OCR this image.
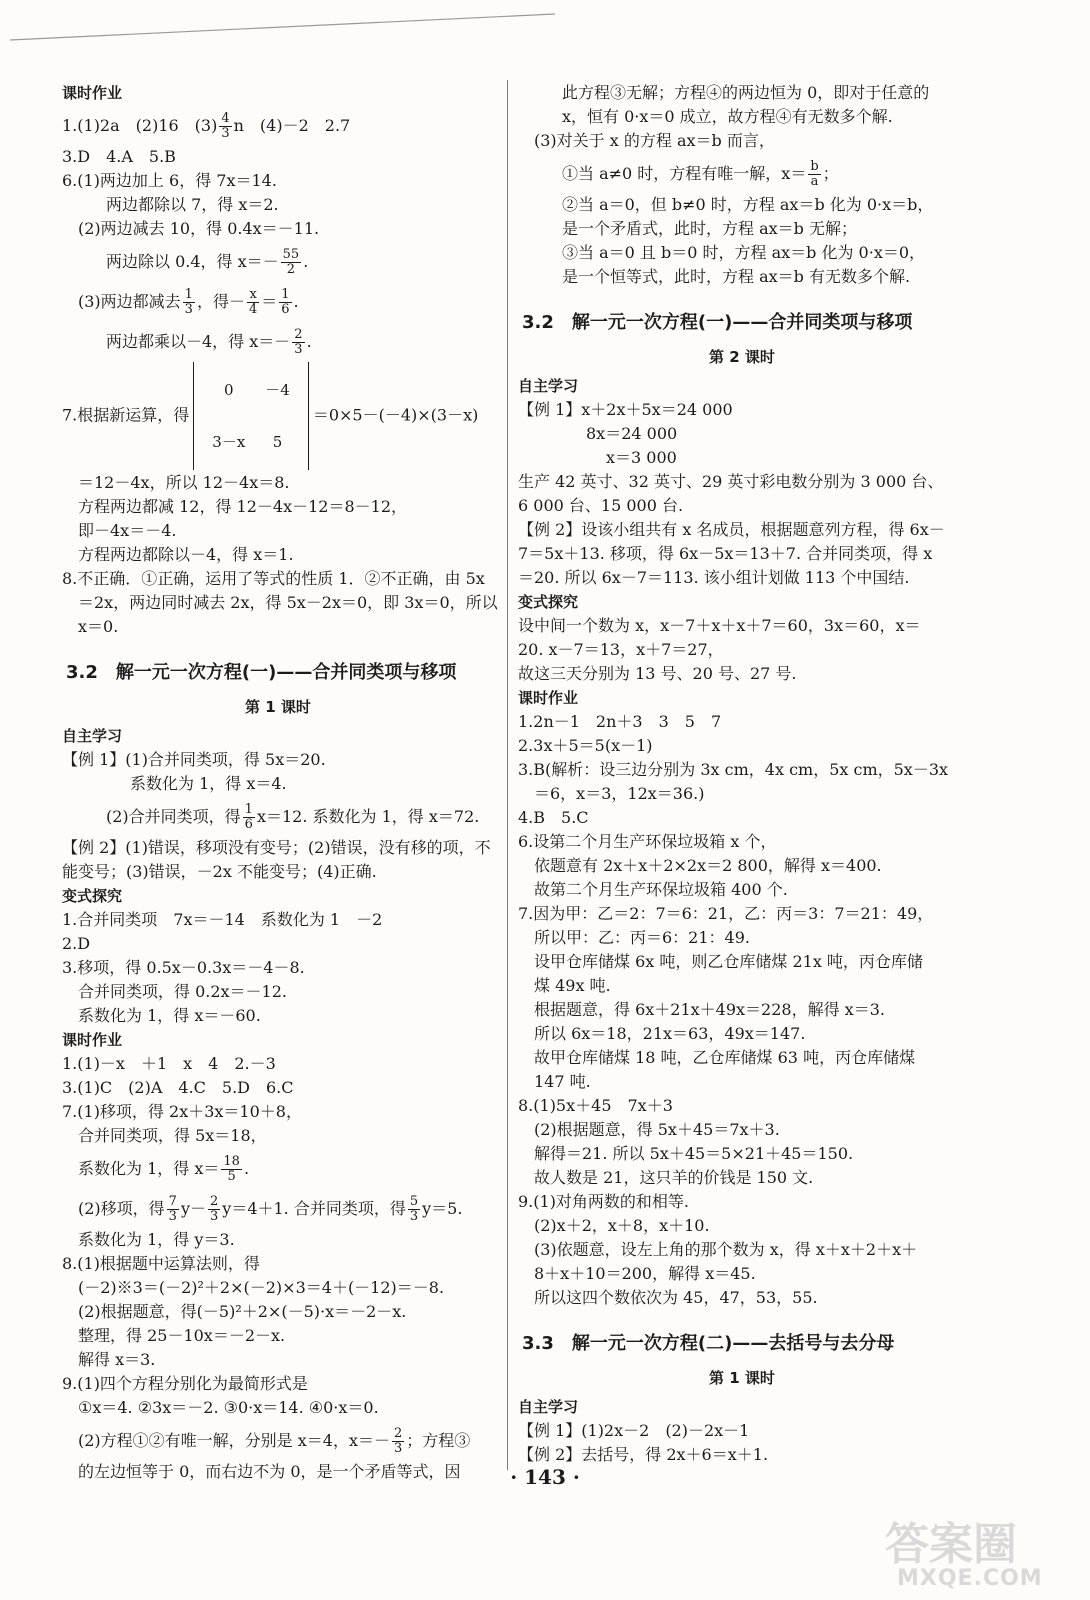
课时作业
1.(1)2a　(2)16　$(3) \frac{4}{3}$ n　(4)－2　2.7
3.D　4.A　5.B
6.(1)两边加上 6，得 7x＝14.
两边都除以 7，得 x＝2.
(2)两边减去 10，得 0.4x＝－11.
两边除以 0.4，得 $x=- \frac{55}{2}$ .
(3)两边都减去 $\frac{1}{3}$ ，得－ $\frac{x}{4} = \frac{1}{6}$ .
两边都乘以－4，得 $x=- \frac{2}{3}$ .
7.根据新运算，得
0	－4
3－x	5
＝0×5－(－4)×(3－x)
＝12－4x，所以 12－4x＝8.
方程两边都减 12，得 12－4x－12＝8－12，
即－4x＝－4.
方程两边都除以－4，得 x＝1.
8.不正确．①正确，运用了等式的性质 1．②不正确，由 5x
＝2x，两边同时减去 2x，得 5x－2x＝0，即 3x＝0，所以
x＝0.
3.2　解一元一次方程(一)——合并同类项与移项
第 1 课时
自主学习
【例 1】(1)合并同类项，得 5x＝20.
系数化为 1，得 x＝4.
(2)合并同类项，得 $\frac{1}{6} x=12$. 系数化为 1，得 x＝72.
【例 2】(1)错误，移项没有变号；(2)错误，没有移的项，不
能变号；(3)错误，－2x 不能变号；(4)正确.
变式探究
1.合并同类项　7x＝－14　系数化为 1　－2
2.D
3.移项，得 0.5x－0.3x＝－4－8.
合并同类项，得 0.2x＝－12.
系数化为 1，得 x＝－60.
课时作业
1.(1)－x　＋1　x　4　2.－3
3.(1)C　(2)A　4.C　5.D　6.C
7.(1)移项，得 2x＋3x＝10＋8，
合并同类项，得 5x＝18，
系数化为 1，得 $x= \frac{18}{5}$ .
(2)移项，得 $\frac{7}{3} y- \frac{2}{3} y=4+1$. 合并同类项，得 $\frac{5}{3} y=5$.
系数化为 1，得 y＝3.
8.(1)根据题中运算法则，得
(－2)※3＝(－2)²＋2×(－2)×3＝4＋(－12)＝－8.
(2)根据题意，得(－5)²＋2×(－5)·x＝－2－x.
整理，得 25－10x＝－2－x.
解得 x＝3.
9.(1)四个方程分别化为最简形式是
①x＝4. ②3x＝－2. ③0·x＝14. ④0·x＝0.
(2)方程①②有唯一解，分别是 x＝4，$x=- \frac{2}{3}$ ；方程③
的左边恒等于 0，而右边不为 0，是一个矛盾等式，因
此方程③无解；方程④的两边恒为 0，即对于任意的
x，恒有 0·x＝0 成立，故方程④有无数多个解.
(3)对关于 x 的方程 ax＝b 而言，
①当 a≠0 时，方程有唯一解，$x= \frac{b}{a}$ ；
②当 a＝0，但 b≠0 时，方程 ax＝b 化为 0·x＝b，
是一个矛盾式，此时，方程 ax＝b 无解；
③当 a＝0 且 b＝0 时，方程 ax＝b 化为 0·x＝0，
是一个恒等式，此时，方程 ax＝b 有无数多个解.
3.2　解一元一次方程(一)——合并同类项与移项
第 2 课时
自主学习
【例 1】x＋2x＋5x＝24 000
8x＝24 000
x＝3 000
生产 42 英寸、32 英寸、29 英寸彩电数分别为 3 000 台、
6 000 台、15 000 台.
【例 2】设该小组共有 x 名成员，根据题意列方程，得 6x－
7＝5x＋13. 移项，得 6x－5x＝13＋7. 合并同类项，得 x
＝20. 所以 6x－7＝113. 该小组计划做 113 个中国结.
变式探究
设中间一个数为 x，x－7＋x＋x＋7＝60，3x＝60，x＝
20. x－7＝13，x＋7＝27，
故这三天分别为 13 号、20 号、27 号.
课时作业
1.2n－1　2n＋3　3　5　7
2.3x＋5＝5(x－1)
3.B(解析：设三边分别为 3x cm，4x cm，5x cm，5x－3x
＝6，x＝3，12x＝36.)
4.B　5.C
6.设第二个月生产环保垃圾箱 x 个，
依题意有 2x＋x＋2×2x＝2 800，解得 x＝400.
故第二个月生产环保垃圾箱 400 个.
7.因为甲：乙＝2：7＝6：21，乙：丙＝3：7＝21：49，
所以甲：乙：丙＝6：21：49.
设甲仓库储煤 6x 吨，则乙仓库储煤 21x 吨，丙仓库储
煤 49x 吨.
根据题意，得 6x＋21x＋49x＝228，解得 x＝3.
所以 6x＝18，21x＝63，49x＝147.
故甲仓库储煤 18 吨，乙仓库储煤 63 吨，丙仓库储煤
147 吨.
8.(1)5x＋45　7x＋3
(2)根据题意，得 5x＋45＝7x＋3.
解得＝21. 所以 5x＋45＝5×21＋45＝150.
故人数是 21，这只羊的价钱是 150 文.
9.(1)对角两数的和相等.
(2)x＋2，x＋8，x＋10.
(3)依题意，设左上角的那个数为 x，得 x＋x＋2＋x＋
8＋x＋10＝200，解得 x＝45.
所以这四个数依次为 45，47，53，55.
3.3　解一元一次方程(二)——去括号与去分母
第 1 课时
自主学习
【例 1】(1)2x－2　(2)－2x－1
【例 2】去括号，得 2x＋6＝x＋1.
· 143 ·
答案圈
MXQE.COM
